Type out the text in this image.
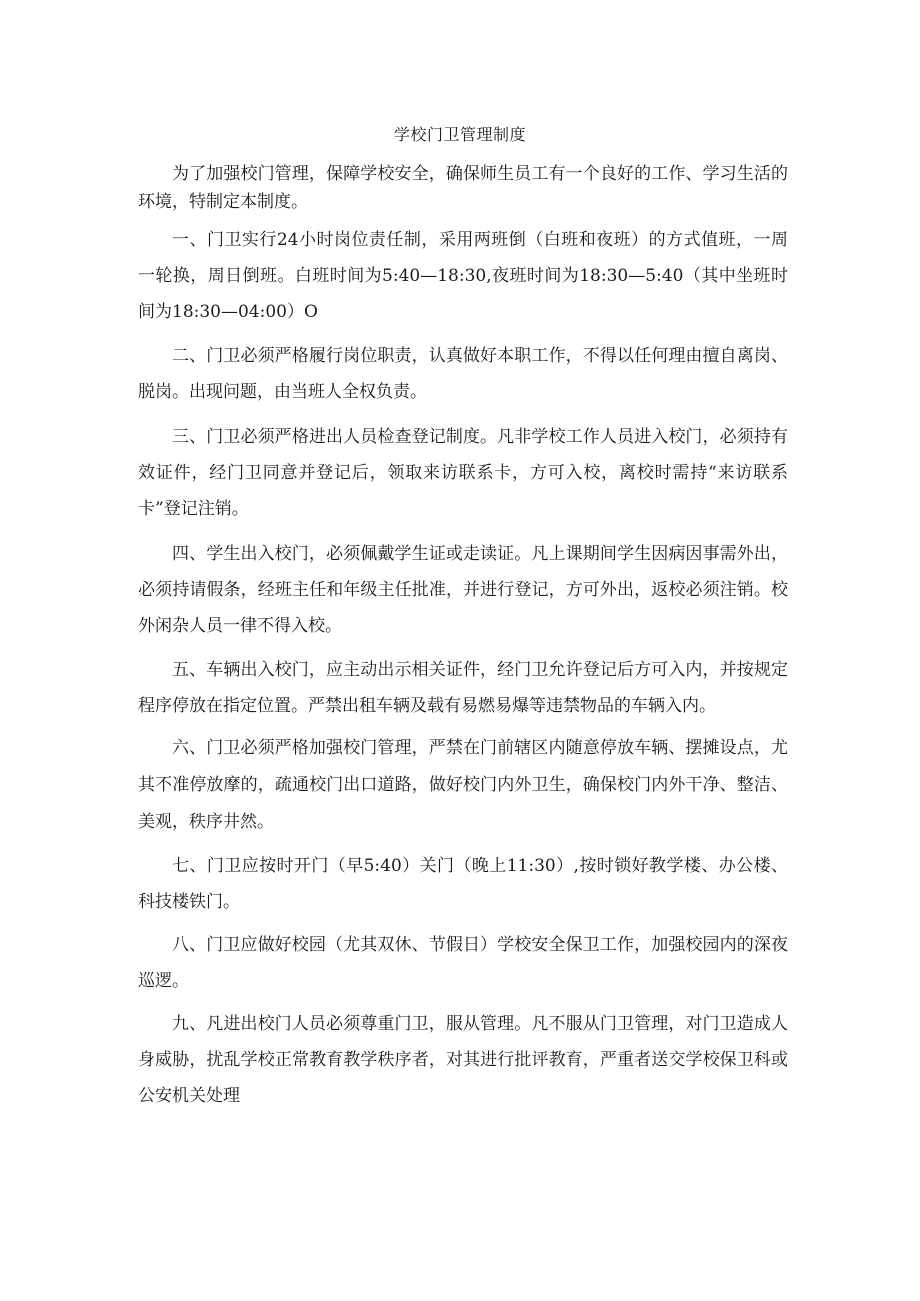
学校门卫管理制度

为了加强校门管理，保障学校安全，确保师生员工有一个良好的工作、学习生活的环境，特制定本制度。

一、门卫实行24小时岗位责任制，采用两班倒（白班和夜班）的方式值班，一周一轮换，周日倒班。白班时间为5:40—18:30,夜班时间为18:30—5:40（其中坐班时间为18:30—04:00）O

二、门卫必须严格履行岗位职责，认真做好本职工作，不得以任何理由擅自离岗、脱岗。出现问题，由当班人全权负责。

三、门卫必须严格进出人员检查登记制度。凡非学校工作人员进入校门，必须持有效证件，经门卫同意并登记后，领取来访联系卡，方可入校，离校时需持“来访联系卡”登记注销。

四、学生出入校门，必须佩戴学生证或走读证。凡上课期间学生因病因事需外出，必须持请假条，经班主任和年级主任批准，并进行登记，方可外出，返校必须注销。校外闲杂人员一律不得入校。

五、车辆出入校门，应主动出示相关证件，经门卫允许登记后方可入内，并按规定程序停放在指定位置。严禁出租车辆及载有易燃易爆等违禁物品的车辆入内。

六、门卫必须严格加强校门管理，严禁在门前辖区内随意停放车辆、摆摊设点，尤其不准停放摩的，疏通校门出口道路，做好校门内外卫生，确保校门内外干净、整洁、美观，秩序井然。

七、门卫应按时开门（早5:40）关门（晚上11:30）,按时锁好教学楼、办公楼、科技楼铁门。

八、门卫应做好校园（尤其双休、节假日）学校安全保卫工作，加强校园内的深夜巡逻。

九、凡进出校门人员必须尊重门卫，服从管理。凡不服从门卫管理，对门卫造成人身威胁，扰乱学校正常教育教学秩序者，对其进行批评教育，严重者送交学校保卫科或公安机关处理
